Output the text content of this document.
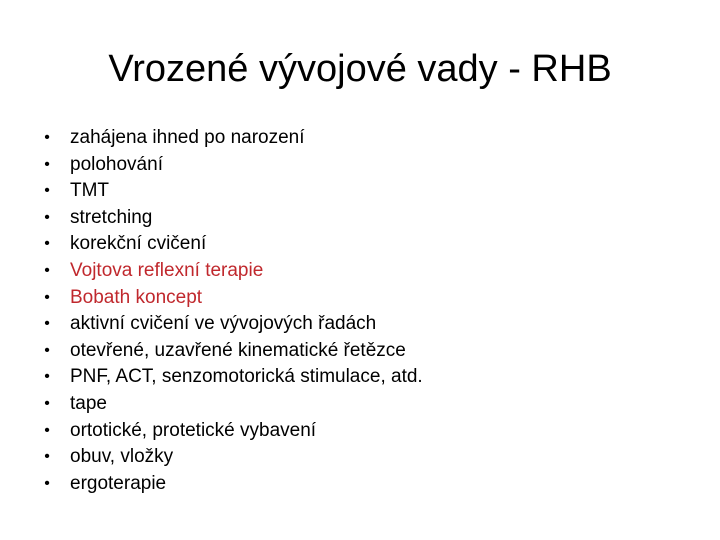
Vrozené vývojové vady - RHB
• zahájena ihned po narození
• polohování
• TMT
• stretching
• korekční cvičení
• Vojtova reflexní terapie
• Bobath koncept
• aktivní cvičení ve vývojových řadách
• otevřené, uzavřené kinematické řetězce
• PNF, ACT, senzomotorická stimulace, atd.
• tape
• ortotické, protetické vybavení
• obuv, vložky
• ergoterapie
